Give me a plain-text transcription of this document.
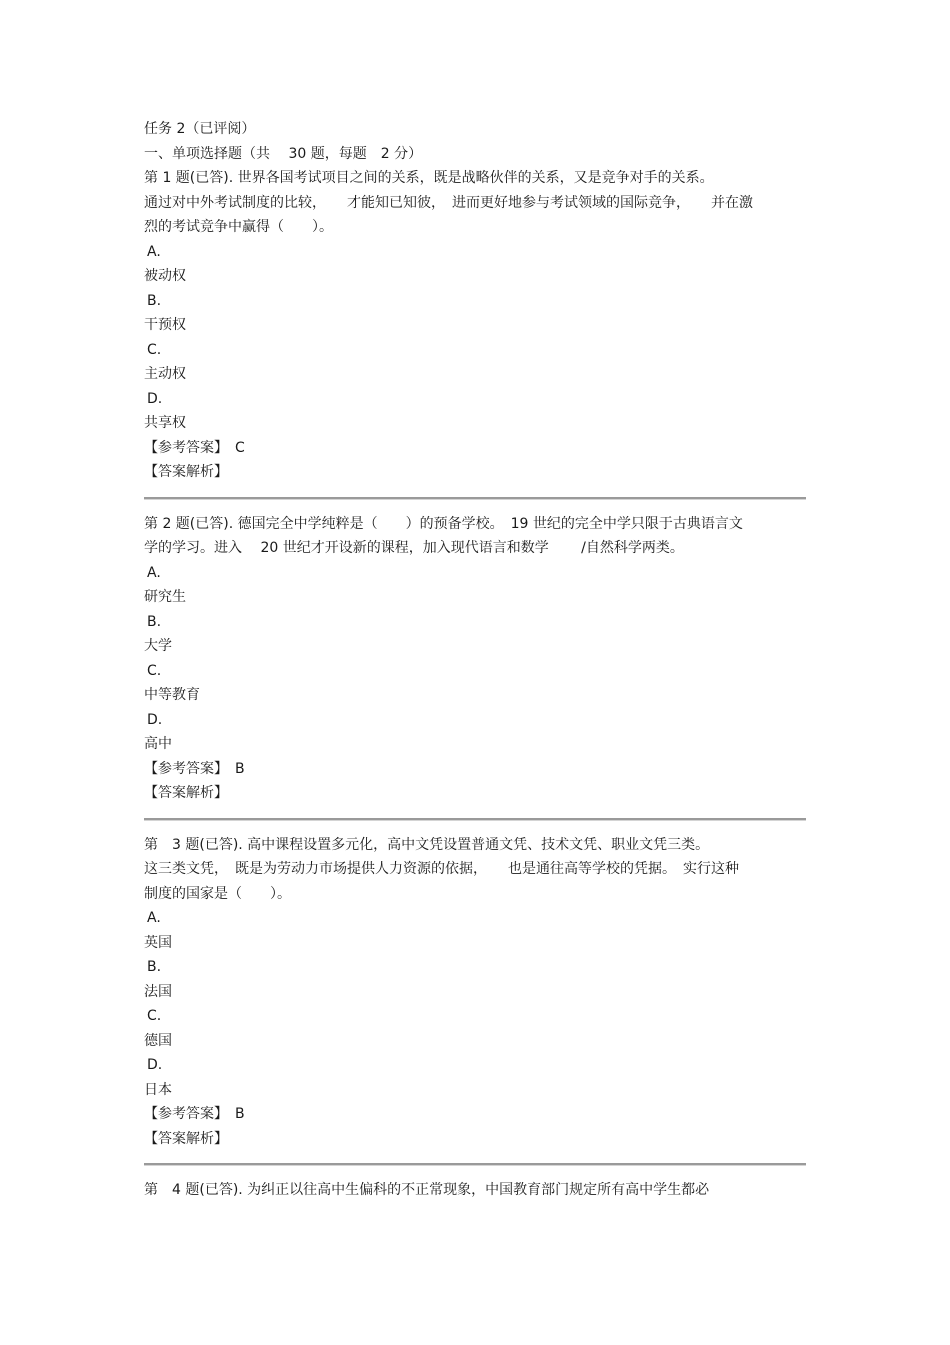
任务 2（已评阅）
一、单项选择题（共　 30 题，每题　2 分）
第 1 题(已答). 世界各国考试项目之间的关系，既是战略伙伴的关系，又是竞争对手的关系。
通过对中外考试制度的比较，　　才能知已知彼，　进而更好地参与考试领域的国际竞争，　　并在激
烈的考试竞争中赢得（　　）。
A.
被动权
B.
干预权
C.
主动权
D.
共享权
【参考答案】　C
【答案解析】
第 2 题(已答). 德国完全中学纯粹是（　　）的预备学校。　19 世纪的完全中学只限于古典语言文
学的学习。进入　 20 世纪才开设新的课程，加入现代语言和数学　　 /自然科学两类。
A.
研究生
B.
大学
C.
中等教育
D.
高中
【参考答案】　B
【答案解析】
第　3 题(已答). 高中课程设置多元化，高中文凭设置普通文凭、技术文凭、职业文凭三类。
这三类文凭，　既是为劳动力市场提供人力资源的依据，　　也是通往高等学校的凭据。　实行这种
制度的国家是（　　）。
A.
英国
B.
法国
C.
德国
D.
日本
【参考答案】　B
【答案解析】
第　4 题(已答). 为纠正以往高中生偏科的不正常现象，中国教育部门规定所有高中学生都必
